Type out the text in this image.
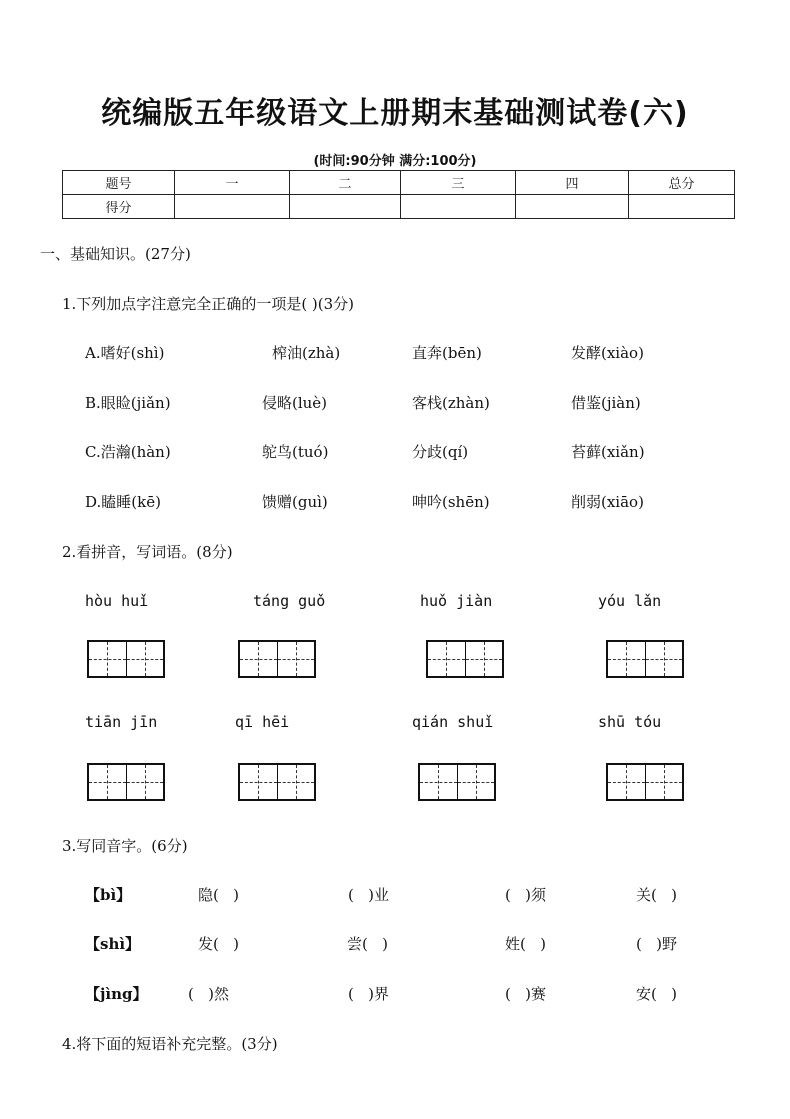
统编版五年级语文上册期末基础测试卷(六)
(时间:90分钟 满分:100分)
题号	一	二	三	四	总分
得分					
一、基础知识。(27分)
1.下列加点字注意完全正确的一项是( )(3分)
A.嗜好(shì)	榨油(zhà)	直奔(bēn)	发酵(xiào)
B.眼睑(jiǎn)	侵略(luè)	客栈(zhàn)	借鉴(jiàn)
C.浩瀚(hàn)	鸵鸟(tuó)	分歧(qí)	苔藓(xiǎn)
D.瞌睡(kē)	馈赠(guì)	呻吟(shēn)	削弱(xiāo)
2.看拼音，写词语。(8分)
hòu huǐ	táng guǒ	huǒ jiàn	yóu lǎn
tiān jīn	qī hēi	qián shuǐ	shū tóu
3.写同音字。(6分)
【bì】	隐(   )	(   )业	(   )须	关(   )
【shì】	发(   )	尝(   )	姓(   )	(   )野
【jìng】	(   )然	(   )界	(   )赛	安(   )
4.将下面的短语补充完整。(3分)
